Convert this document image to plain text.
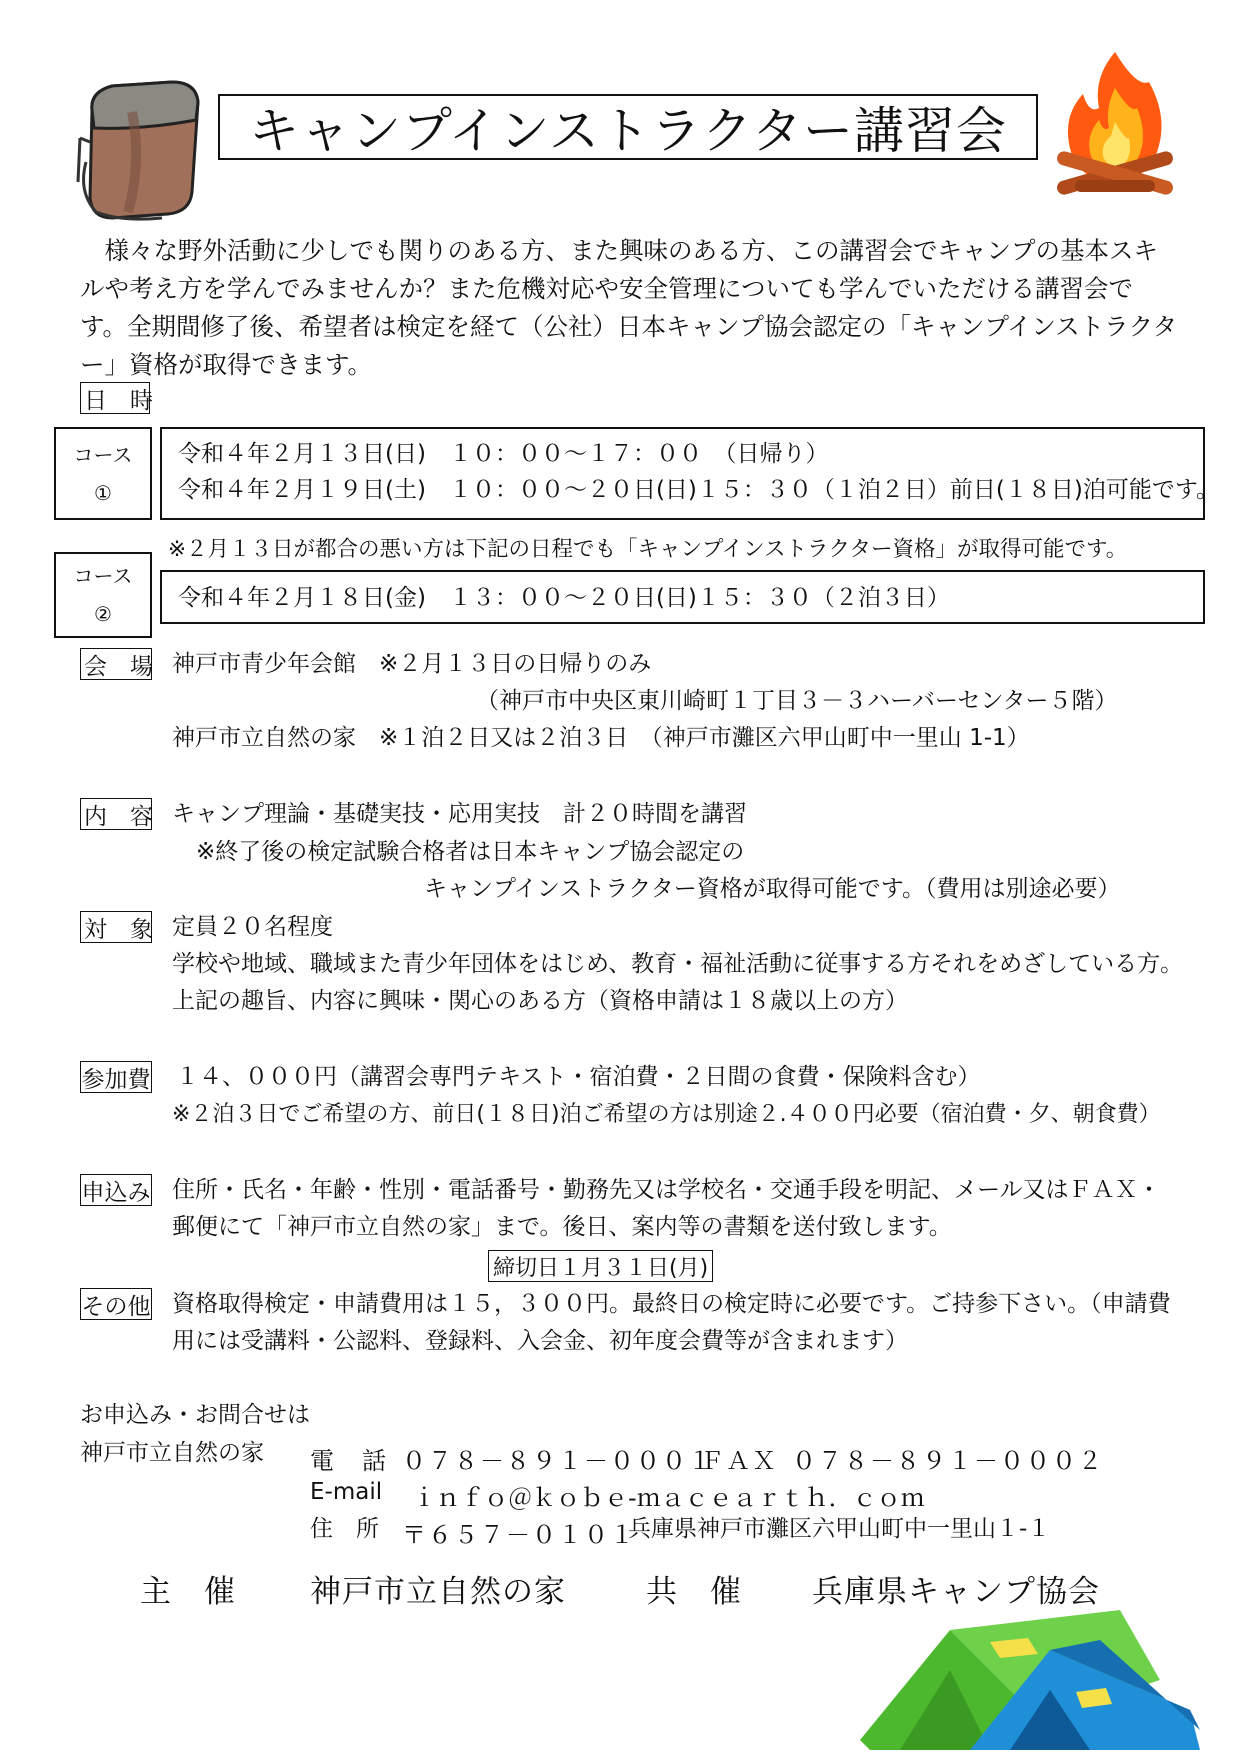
キャンプインストラクター講習会

様々な野外活動に少しでも関りのある方、また興味のある方、この講習会でキャンプの基本スキルや考え方を学んでみませんか？また危機対応や安全管理についても学んでいただける講習会です。全期間修了後、希望者は検定を経て（公社）日本キャンプ協会認定の「キャンプインストラクター」資格が取得できます。

日　時
コース
①
令和４年２月１３日(日)　１０：００～１７：００　（日帰り）
令和４年２月１９日(土)　１０：００～２０日(日)１５：３０（１泊２日）前日(１８日)泊可能です。
※２月１３日が都合の悪い方は下記の日程でも「キャンプインストラクター資格」が取得可能です。
コース
②
令和４年２月１８日(金)　１３：００～２０日(日)１５：３０（２泊３日）
会　場 神戸市青少年会館　※２月１３日の日帰りのみ
（神戸市中央区東川崎町１丁目３－３ハーバーセンター５階）
神戸市立自然の家　※１泊２日又は２泊３日　（神戸市灘区六甲山町中一里山 1-1）
内　容 キャンプ理論・基礎実技・応用実技　計２０時間を講習
※終了後の検定試験合格者は日本キャンプ協会認定の
キャンプインストラクター資格が取得可能です。（費用は別途必要）
対　象 定員２０名程度
学校や地域、職域また青少年団体をはじめ、教育・福祉活動に従事する方それをめざしている方。
上記の趣旨、内容に興味・関心のある方（資格申請は１８歳以上の方）
参加費 １４、０００円（講習会専門テキスト・宿泊費・２日間の食費・保険料含む）
※２泊３日でご希望の方、前日(１８日)泊ご希望の方は別途２.４００円必要（宿泊費・夕、朝食費）
申込み 住所・氏名・年齢・性別・電話番号・勤務先又は学校名・交通手段を明記、メール又はＦＡＸ・
郵便にて「神戸市立自然の家」まで。後日、案内等の書類を送付致します。
締切日１月３１日(月)
その他 資格取得検定・申請費用は１５，３００円。最終日の検定時に必要です。ご持参下さい。（申請費
用には受講料・公認料、登録料、入会金、初年度会費等が含まれます）
お申込み・お問合せは
神戸市立自然の家 電　話 ０７８－８９１－０００１
ＦＡＸ ０７８－８９１－０００２
E-mail ｉｎｆｏ＠ｋｏｂｅ-ｍａｃｅａｒｔｈ．ｃｏｍ
住　所 〒６５７－０１０１
兵庫県神戸市灘区六甲山町中一里山１-１
主　催 神戸市立自然の家	共　催 兵庫県キャンプ協会
